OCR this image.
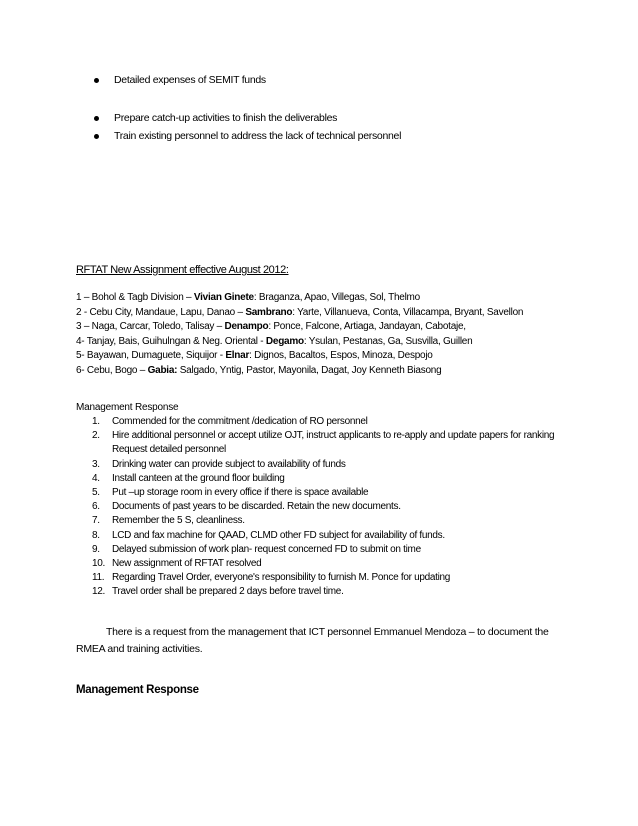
Detailed expenses of SEMIT funds
Prepare catch-up activities to finish the deliverables
Train existing personnel to address the lack of technical personnel
RFTAT New Assignment effective August 2012:
1 – Bohol & Tagb Division – Vivian Ginete: Braganza, Apao, Villegas, Sol, Thelmo
2 - Cebu City, Mandaue, Lapu, Danao – Sambrano: Yarte, Villanueva, Conta, Villacampa, Bryant, Savellon
3 – Naga, Carcar, Toledo, Talisay – Denampo: Ponce, Falcone, Artiaga, Jandayan, Cabotaje,
4- Tanjay, Bais, Guihulngan & Neg. Oriental - Degamo: Ysulan, Pestanas, Ga, Susvilla, Guillen
5- Bayawan, Dumaguete, Siquijor - Elnar: Dignos, Bacaltos, Espos, Minoza, Despojo
6- Cebu, Bogo – Gabia: Salgado, Yntig, Pastor, Mayonila, Dagat, Joy Kenneth Biasong
Management Response
1. Commended for the commitment /dedication of RO personnel
2. Hire additional personnel or accept utilize OJT, instruct applicants to re-apply and update papers for ranking
Request detailed personnel
3. Drinking water can provide subject to availability of funds
4. Install canteen at the ground floor building
5. Put –up storage room in every office if there is space available
6. Documents of past years to be discarded. Retain the new documents.
7. Remember the 5 S, cleanliness.
8. LCD and fax machine for QAAD, CLMD other FD subject for availability of funds.
9. Delayed submission of work plan- request concerned FD to submit on time
10. New assignment of RFTAT resolved
11. Regarding Travel Order, everyone's responsibility to furnish M. Ponce for updating
12. Travel order shall be prepared 2 days before travel time.
There is a request from the management that ICT personnel Emmanuel Mendoza – to document the RMEA and training activities.
Management Response
